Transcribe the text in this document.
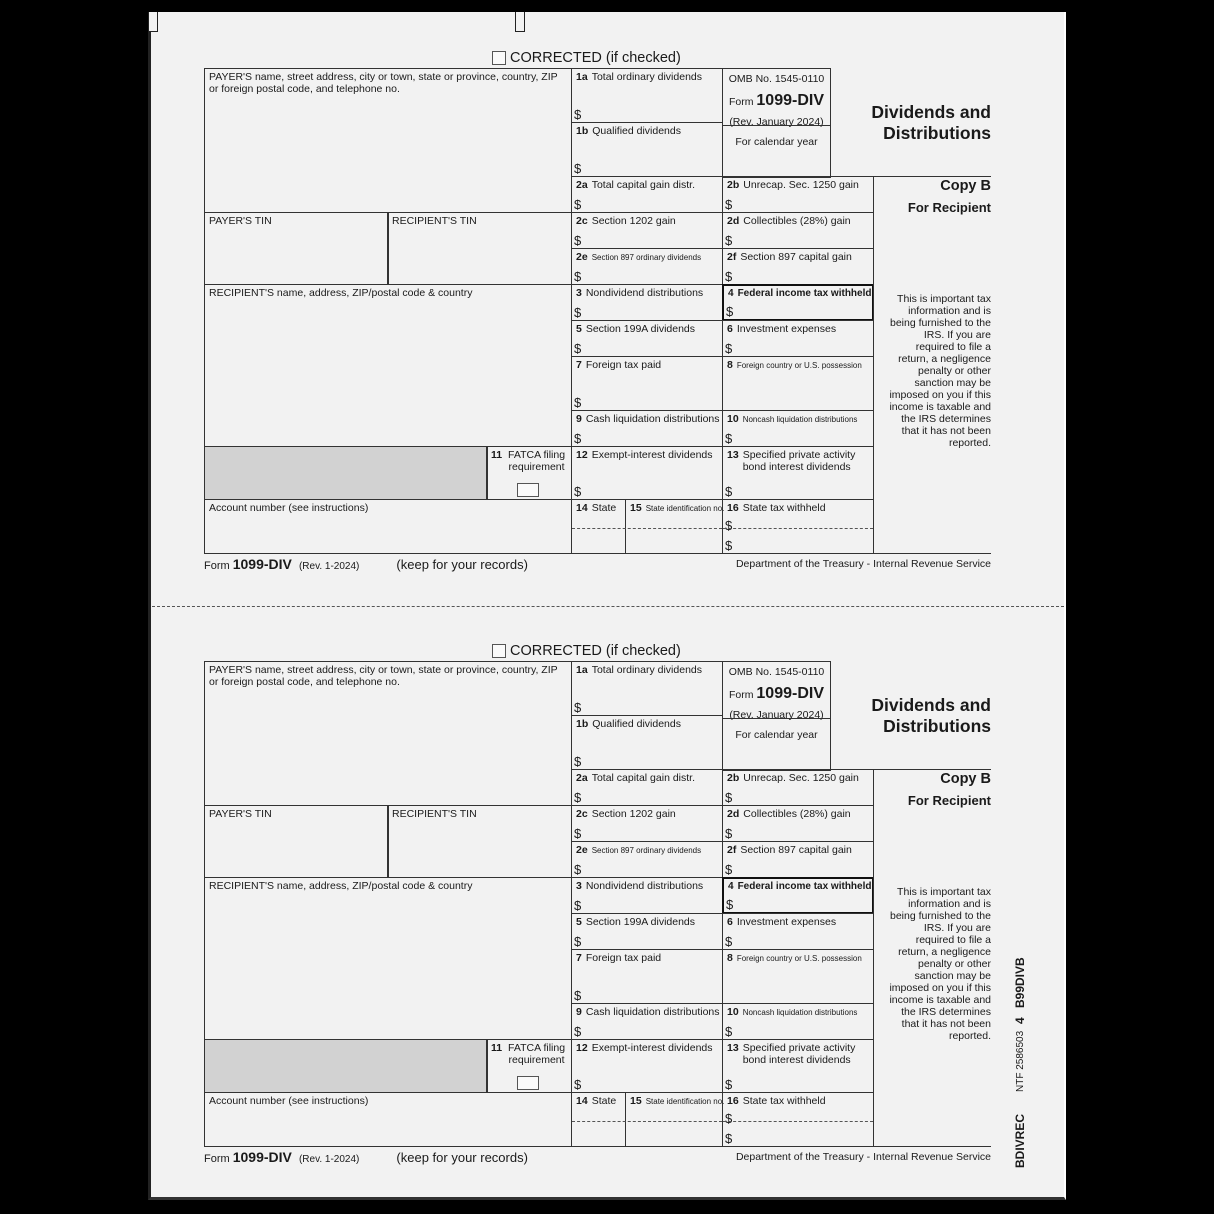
CORRECTED (if checked)
PAYER'S name, street address, city or town, state or province, country, ZIP or foreign postal code, and telephone no.
PAYER'S TIN	RECIPIENT'S TIN
RECIPIENT'S name, address, ZIP/postal code & country
11 FATCA filing requirement
Account number (see instructions)
1a Total ordinary dividends
$
1b Qualified dividends
$
2a Total capital gain distr.
$
2c Section 1202 gain
$
2e Section 897 ordinary dividends
$
3 Nondividend distributions
$
5 Section 199A dividends
$
7 Foreign tax paid
$
9 Cash liquidation distributions
$
12 Exempt-interest dividends
$
14 State	15 State identification no.
OMB No. 1545-0110
Form 1099-DIV
(Rev. January 2024)
For calendar year
2b Unrecap. Sec. 1250 gain
$
2d Collectibles (28%) gain
$
2f Section 897 capital gain
$
4 Federal income tax withheld
$
6 Investment expenses
$
8 Foreign country or U.S. possession
10 Noncash liquidation distributions
$
13 Specified private activity bond interest dividends
$
16 State tax withheld
$
$
Dividends and
Distributions
Copy B
For Recipient
This is important tax information and is being furnished to the IRS. If you are required to file a return, a negligence penalty or other sanction may be imposed on you if this income is taxable and the IRS determines that it has not been reported.
Form 1099-DIV (Rev. 1-2024)	(keep for your records)	Department of the Treasury - Internal Revenue Service
CORRECTED (if checked)
PAYER'S name, street address, city or town, state or province, country, ZIP or foreign postal code, and telephone no.
PAYER'S TIN	RECIPIENT'S TIN
RECIPIENT'S name, address, ZIP/postal code & country
11 FATCA filing requirement
Account number (see instructions)
1a Total ordinary dividends
$
1b Qualified dividends
$
2a Total capital gain distr.
$
2c Section 1202 gain
$
2e Section 897 ordinary dividends
$
3 Nondividend distributions
$
5 Section 199A dividends
$
7 Foreign tax paid
$
9 Cash liquidation distributions
$
12 Exempt-interest dividends
$
14 State	15 State identification no.
OMB No. 1545-0110
Form 1099-DIV
(Rev. January 2024)
For calendar year
2b Unrecap. Sec. 1250 gain
$
2d Collectibles (28%) gain
$
2f Section 897 capital gain
$
4 Federal income tax withheld
$
6 Investment expenses
$
8 Foreign country or U.S. possession
10 Noncash liquidation distributions
$
13 Specified private activity bond interest dividends
$
16 State tax withheld
$
$
Dividends and
Distributions
Copy B
For Recipient
This is important tax information and is being furnished to the IRS. If you are required to file a return, a negligence penalty or other sanction may be imposed on you if this income is taxable and the IRS determines that it has not been reported.
Form 1099-DIV (Rev. 1-2024)	(keep for your records)	Department of the Treasury - Internal Revenue Service BDIVREC
NTF 2586503
4
B99DIVB
